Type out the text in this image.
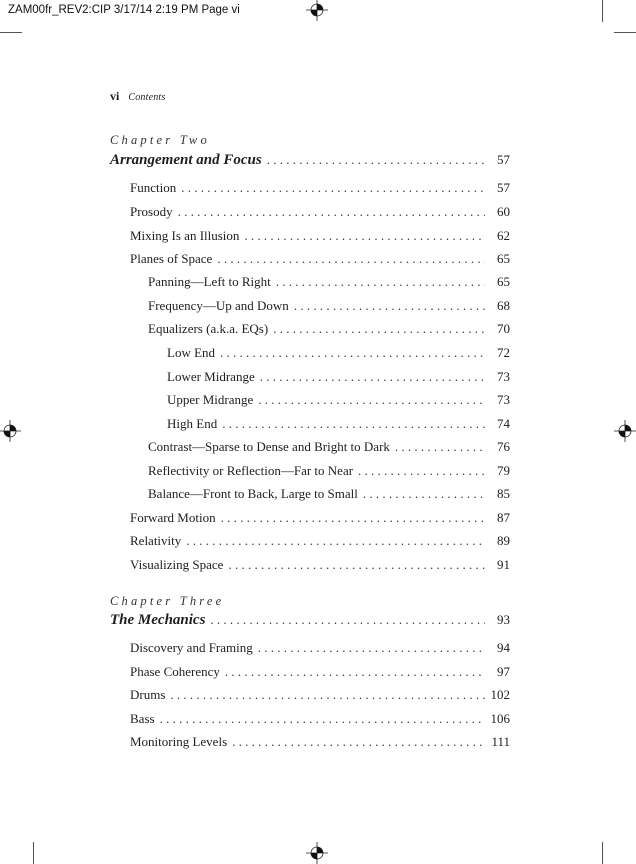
ZAM00fr_REV2:CIP 3/17/14 2:19 PM Page vi
vi Contents
Chapter Two
Arrangement and Focus . . .	57
Function . . .	57
Prosody . . .	60
Mixing Is an Illusion . . .	62
Planes of Space . . .	65
Panning—Left to Right . . .	65
Frequency—Up and Down . . .	68
Equalizers (a.k.a. EQs) . . .	70
Low End . . .	72
Lower Midrange . . .	73
Upper Midrange . . .	73
High End . . .	74
Contrast—Sparse to Dense and Bright to Dark . . .	76
Reflectivity or Reflection—Far to Near . . .	79
Balance—Front to Back, Large to Small . . .	85
Forward Motion . . .	87
Relativity . . .	89
Visualizing Space . . .	91
Chapter Three
The Mechanics . . .	93
Discovery and Framing . . .	94
Phase Coherency . . .	97
Drums . . .	102
Bass . . .	106
Monitoring Levels . . .	111
